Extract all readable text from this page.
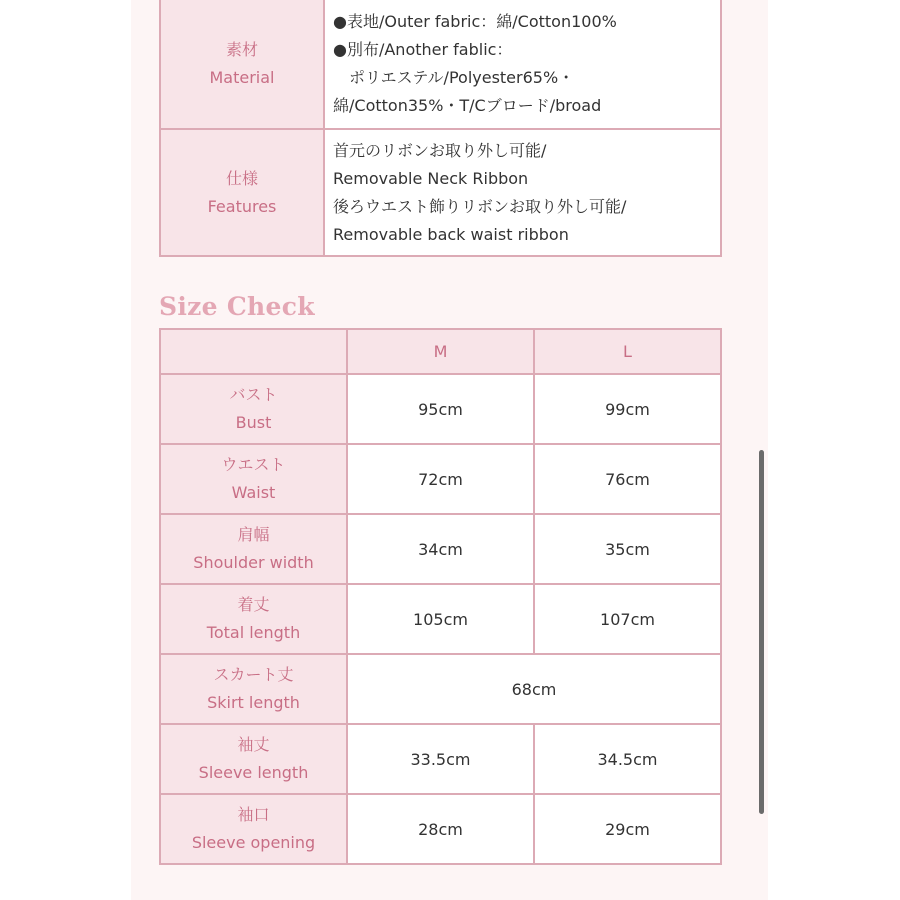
素材
Material	●表地/Outer fabric：綿/Cotton100%
●別布/Another fablic：
ポリエステル/Polyester65%・
綿/Cotton35%・T/Cブロード/broad

仕様
Features	首元のリボンお取り外し可能/
Removable Neck Ribbon
後ろウエスト飾りリボンお取り外し可能/
Removable back waist ribbon
Size Check
	M	L

バスト
Bust	95cm	99cm

ウエスト
Waist	72cm	76cm

肩幅
Shoulder width	34cm	35cm

着丈
Total length	105cm	107cm

スカート丈
Skirt length	68cm	

袖丈
Sleeve length	33.5cm	34.5cm

袖口
Sleeve opening	28cm	29cm
